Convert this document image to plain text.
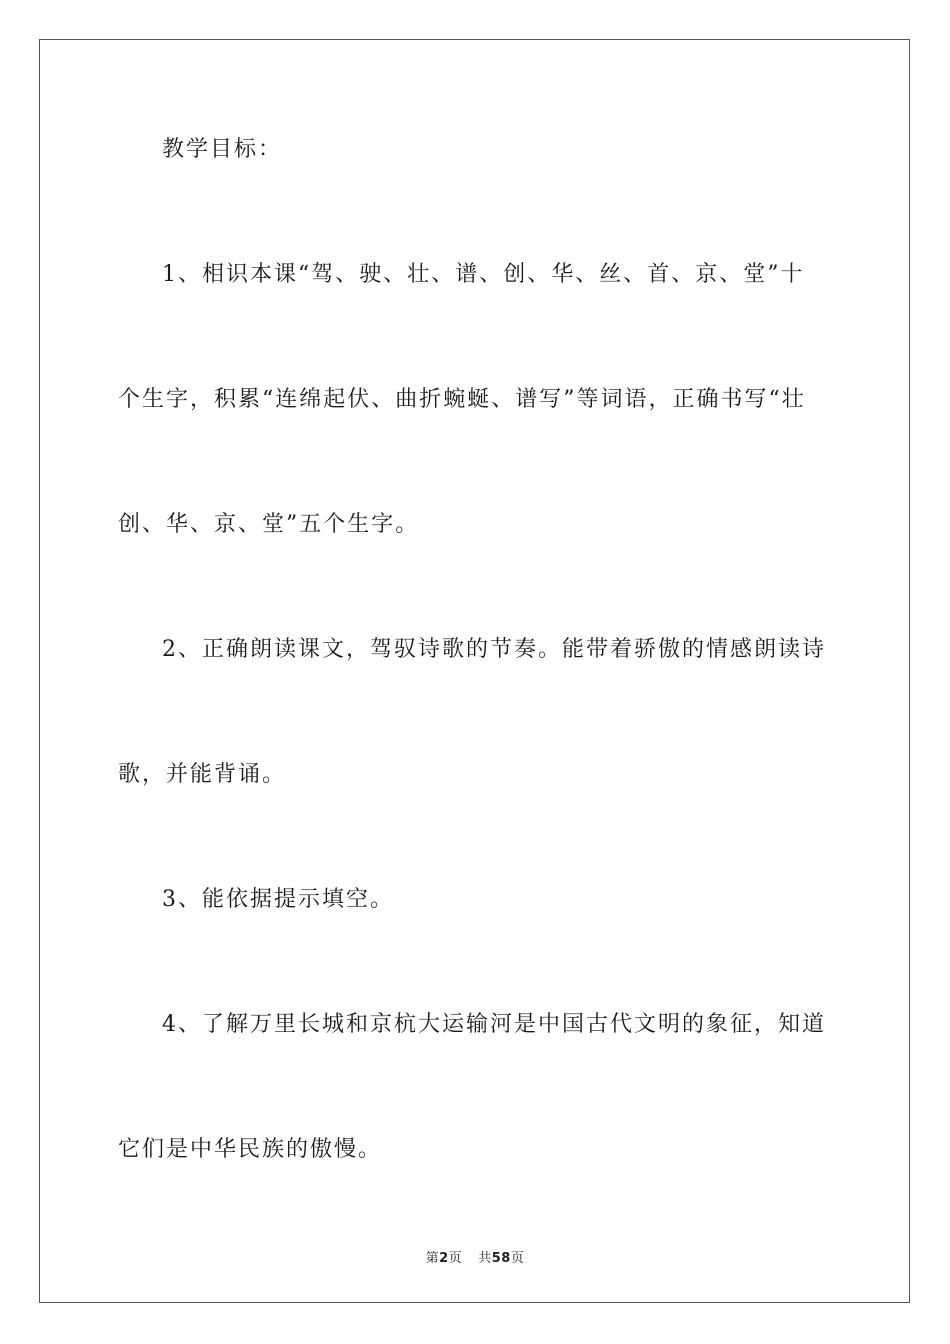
教学目标：

1、相识本课“驾、驶、壮、谱、创、华、丝、首、京、堂”十

个生字，积累“连绵起伏、曲折蜿蜒、谱写”等词语，正确书写“壮

创、华、京、堂”五个生字。

2、正确朗读课文，驾驭诗歌的节奏。能带着骄傲的情感朗读诗

歌，并能背诵。

3、能依据提示填空。

4、了解万里长城和京杭大运输河是中国古代文明的象征，知道

它们是中华民族的傲慢。

第2页 共58页
